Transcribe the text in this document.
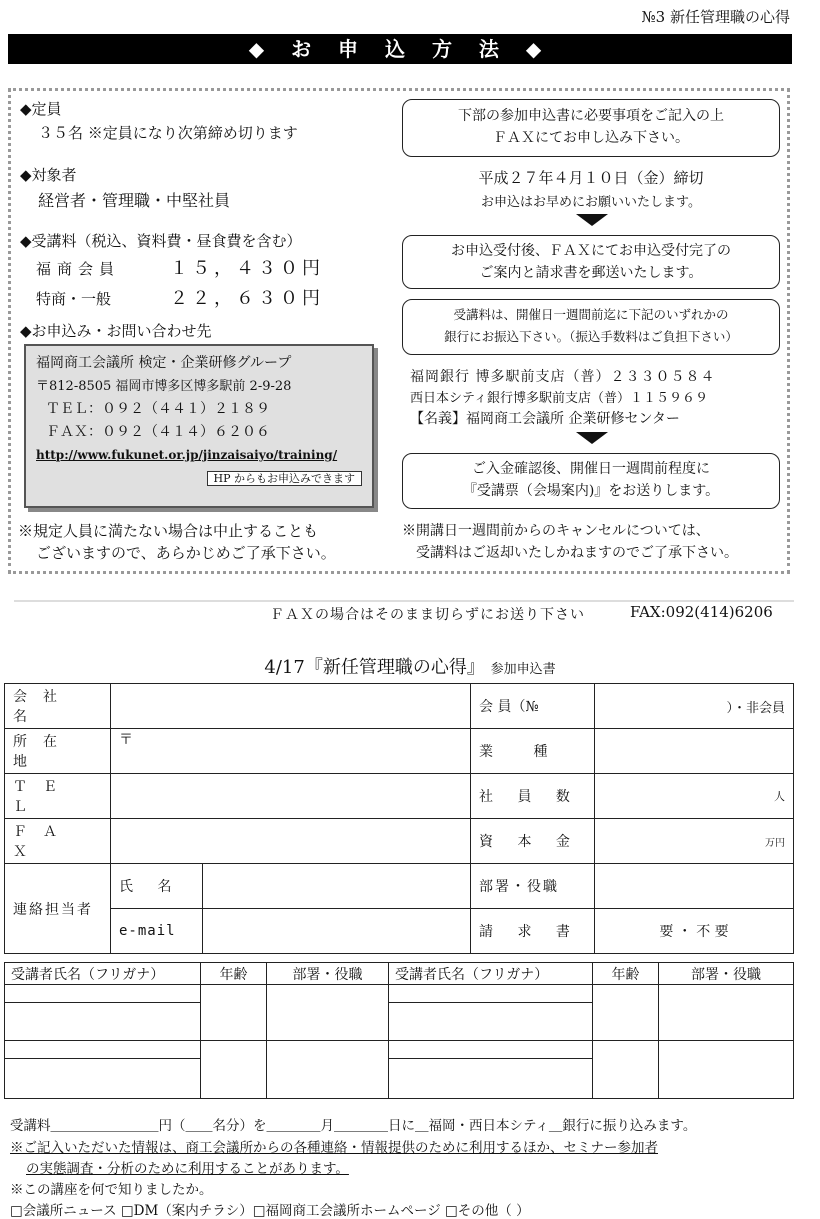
№3 新任管理職の心得
◆ お 申 込 方 法 ◆
◆定員
３５名 ※定員になり次第締め切ります
◆対象者
経営者・管理職・中堅社員
◆受講料（税込、資料費・昼食費を含む）
福商会員	１５，４３０円
特商・一般	２２，６３０円
◆お申込み・お問い合わせ先
福岡商工会議所 検定・企業研修グループ
〒812-8505 福岡市博多区博多駅前 2-9-28
ＴＥＬ：０９２（４４１）２１８９
ＦＡＸ：０９２（４１４）６２０６
http://www.fukunet.or.jp/jinzaisaiyo/training/
HP からもお申込みできます
※規定人員に満たない場合は中止することも
ございますので、あらかじめご了承下さい。
下部の参加申込書に必要事項をご記入の上
ＦＡＸにてお申し込み下さい。
平成２７年４月１０日（金）締切
お申込はお早めにお願いいたします。
お申込受付後、ＦＡＸにてお申込受付完了の
ご案内と請求書を郵送いたします。
受講料は、開催日一週間前迄に下記のいずれかの
銀行にお振込下さい。（振込手数料はご負担下さい）
福岡銀行 博多駅前支店（普）２３３０５８４
西日本シティ銀行博多駅前支店（普）１１５９６９
【名義】福岡商工会議所 企業研修センター
ご入金確認後、開催日一週間前程度に
『受講票（会場案内)』をお送りします。
※開講日一週間前からのキャンセルについては、
受講料はご返却いたしかねますのでご了承下さい。
ＦＡＸの場合はそのまま切らずにお送り下さい	FAX:092(414)6206
4/17『新任管理職の心得』 参加申込書
会社名			会 員（№	）・非会員
所在地	〒		業 種	
ＴＥＬ			社 員 数	人
ＦＡＸ			資 本 金	万円
連絡担当者	氏 名		部署・役職	
	e-mail		請 求 書	要 ・ 不 要
受講者氏名（フリガナ）	年齢	部署・役職	受講者氏名（フリガナ）	年齢	部署・役職

受講料＿＿＿＿＿＿＿＿円（＿＿名分）を＿＿＿＿月＿＿＿＿日に＿福岡・西日本シティ＿銀行に振り込みます。
※ご記入いただいた情報は、商工会議所からの各種連絡・情報提供のために利用するほか、セミナー参加者
の実態調査・分析のために利用することがあります。
※この講座を何で知りましたか。
□会議所ニュース □DM（案内チラシ）□福岡商工会議所ホームページ □その他（ ）
